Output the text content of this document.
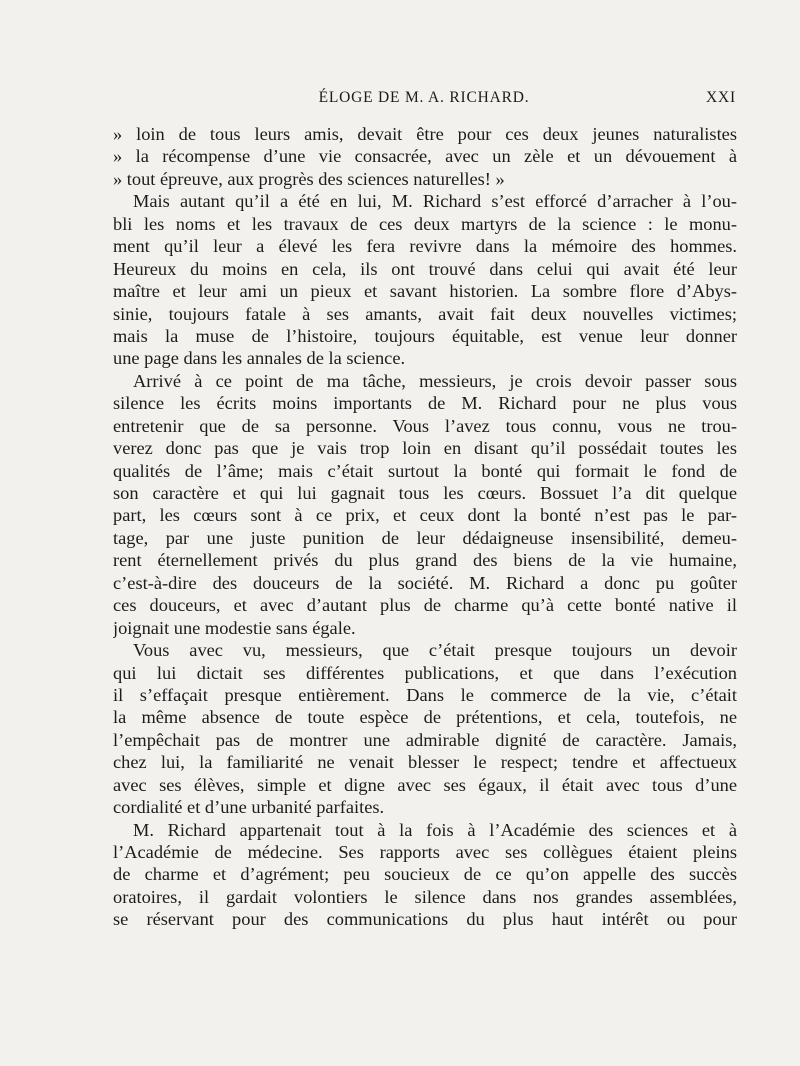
ÉLOGE DE M. A. RICHARD.	XXI
» loin de tous leurs amis, devait être pour ces deux jeunes naturalistes
» la récompense d’une vie consacrée, avec un zèle et un dévouement à
» tout épreuve, aux progrès des sciences naturelles! »
Mais autant qu’il a été en lui, M. Richard s’est efforcé d’arracher à l’ou-
bli les noms et les travaux de ces deux martyrs de la science : le monu-
ment qu’il leur a élevé les fera revivre dans la mémoire des hommes.
Heureux du moins en cela, ils ont trouvé dans celui qui avait été leur
maître et leur ami un pieux et savant historien. La sombre flore d’Abys-
sinie, toujours fatale à ses amants, avait fait deux nouvelles victimes;
mais la muse de l’histoire, toujours équitable, est venue leur donner
une page dans les annales de la science.
Arrivé à ce point de ma tâche, messieurs, je crois devoir passer sous
silence les écrits moins importants de M. Richard pour ne plus vous
entretenir que de sa personne. Vous l’avez tous connu, vous ne trou-
verez donc pas que je vais trop loin en disant qu’il possédait toutes les
qualités de l’âme; mais c’était surtout la bonté qui formait le fond de
son caractère et qui lui gagnait tous les cœurs. Bossuet l’a dit quelque
part, les cœurs sont à ce prix, et ceux dont la bonté n’est pas le par-
tage, par une juste punition de leur dédaigneuse insensibilité, demeu-
rent éternellement privés du plus grand des biens de la vie humaine,
c’est-à-dire des douceurs de la société. M. Richard a donc pu goûter
ces douceurs, et avec d’autant plus de charme qu’à cette bonté native il
joignait une modestie sans égale.
Vous avec vu, messieurs, que c’était presque toujours un devoir
qui lui dictait ses différentes publications, et que dans l’exécution
il s’effaçait presque entièrement. Dans le commerce de la vie, c’était
la même absence de toute espèce de prétentions, et cela, toutefois, ne
l’empêchait pas de montrer une admirable dignité de caractère. Jamais,
chez lui, la familiarité ne venait blesser le respect; tendre et affectueux
avec ses élèves, simple et digne avec ses égaux, il était avec tous d’une
cordialité et d’une urbanité parfaites.
M. Richard appartenait tout à la fois à l’Académie des sciences et à
l’Académie de médecine. Ses rapports avec ses collègues étaient pleins
de charme et d’agrément; peu soucieux de ce qu’on appelle des succès
oratoires, il gardait volontiers le silence dans nos grandes assemblées,
se réservant pour des communications du plus haut intérêt ou pour
